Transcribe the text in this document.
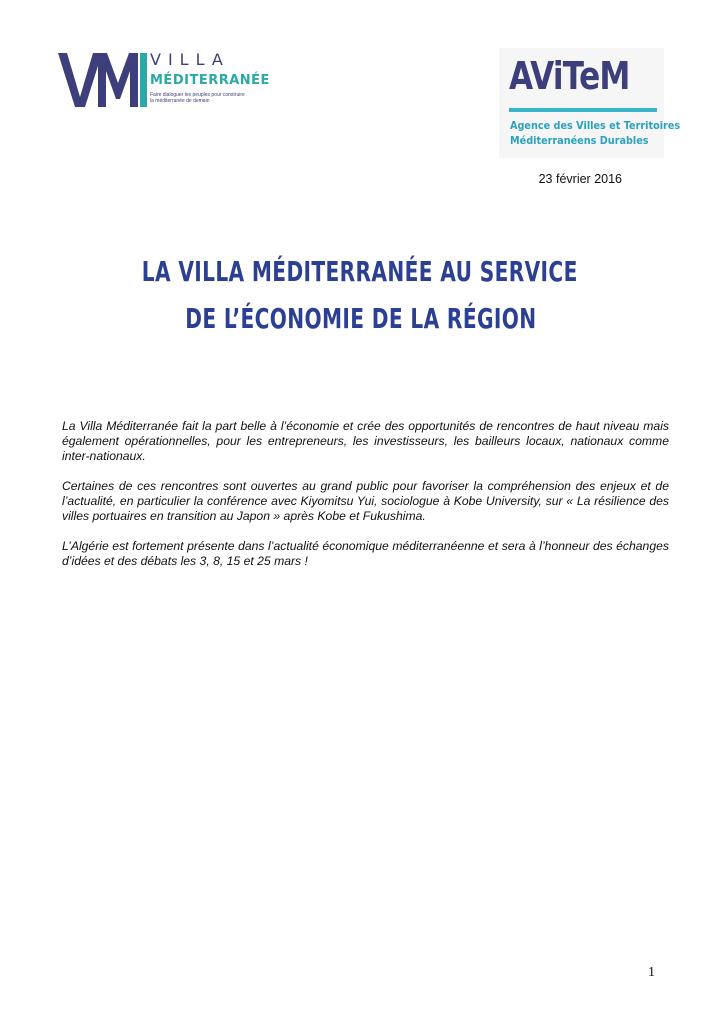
VILLA
MÉDITERRANÉE
Faire dialoguer les peuples pour construire
la méditerranée de demain
AViTeM
Agence des Villes et Territoires
Méditerranéens Durables
23 février 2016
LA VILLA MÉDITERRANÉE AU SERVICE
DE L’ÉCONOMIE DE LA RÉGION

La Villa Méditerranée fait la part belle à l’économie et crée des opportunités de rencontres de haut niveau mais également opérationnelles, pour les entrepreneurs, les investisseurs, les bailleurs locaux, nationaux comme inter-nationaux.

Certaines de ces rencontres sont ouvertes au grand public pour favoriser la compréhension des enjeux et de l’actualité, en particulier la conférence avec Kiyomitsu Yui, sociologue à Kobe University, sur « La résilience des villes portuaires en transition au Japon » après Kobe et Fukushima.

L’Algérie est fortement présente dans l’actualité économique méditerranéenne et sera à l’honneur des échanges d’idées et des débats les 3, 8, 15 et 25 mars !

1
